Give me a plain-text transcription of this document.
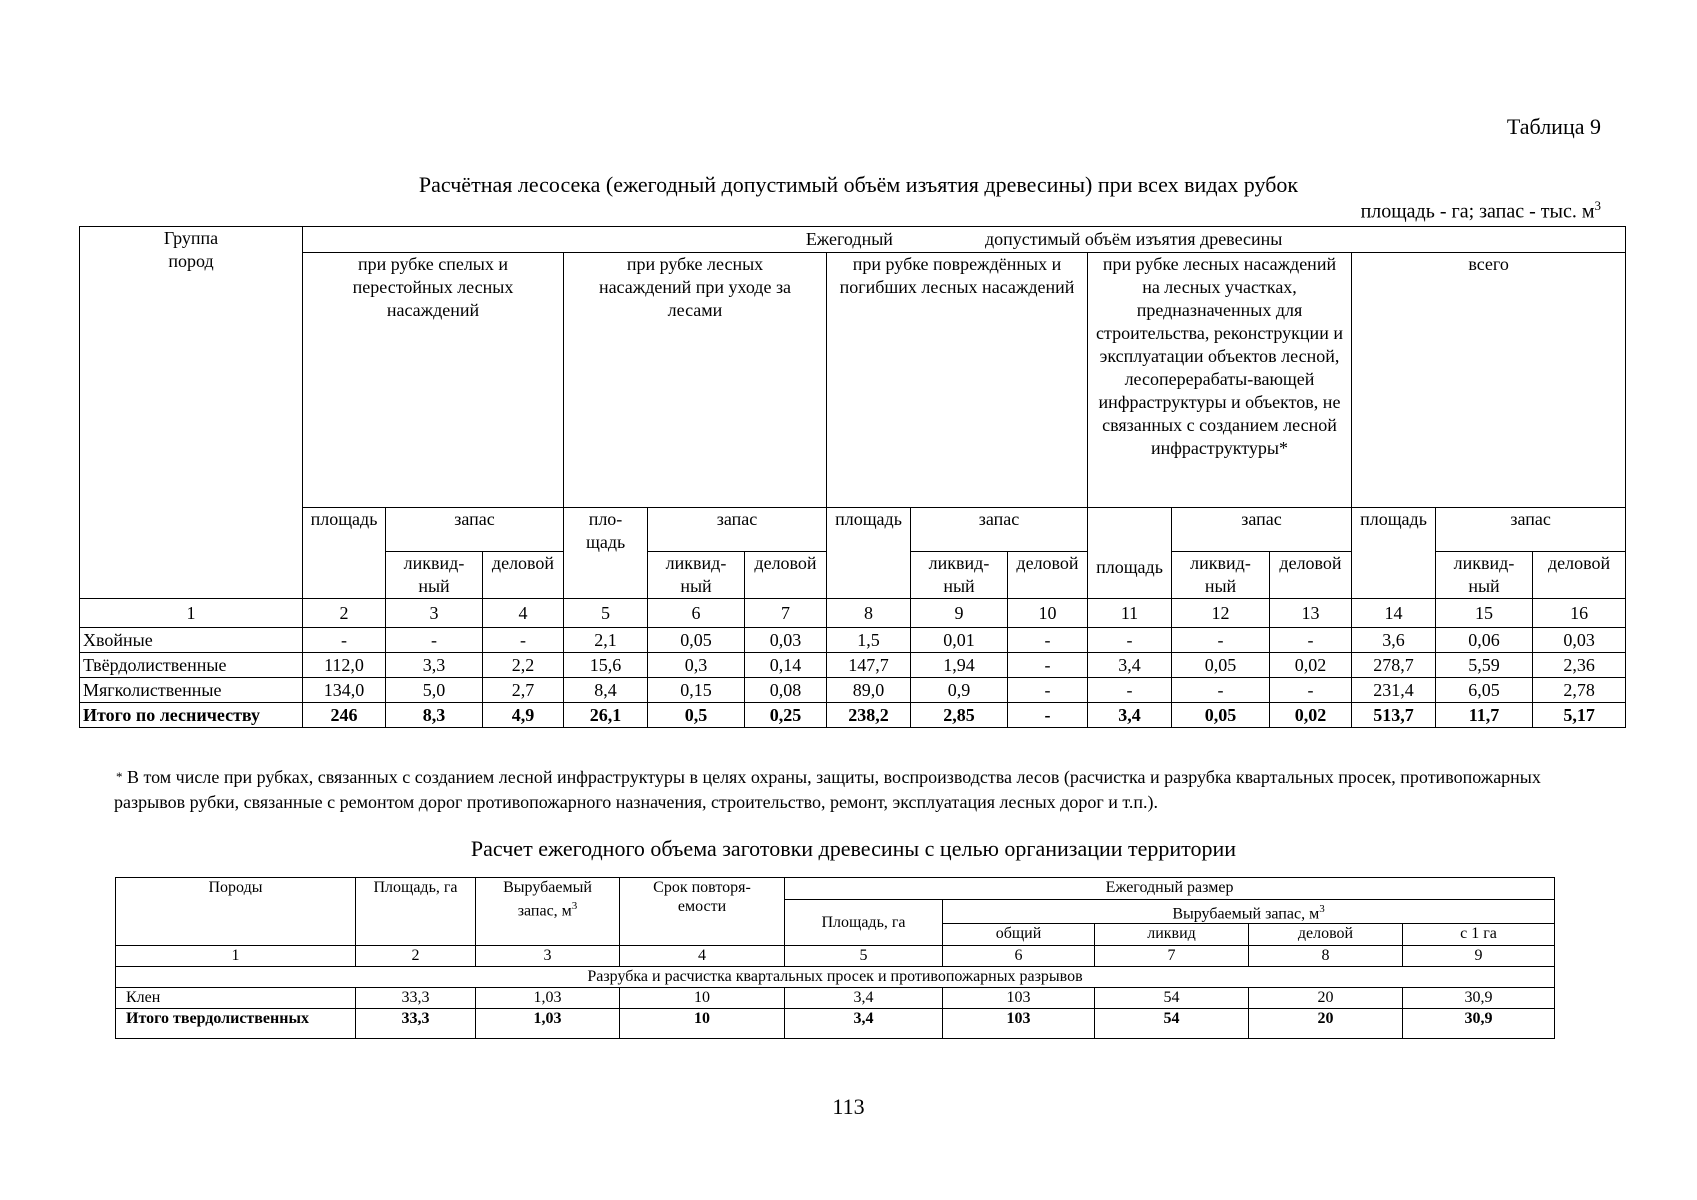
Таблица 9
Расчётная лесосека (ежегодный допустимый объём изъятия древесины) при всех видах рубок
площадь - га; запас - тыс. $м^3$
Группа пород	Ежегодный допустимый объём изъятия древесины														
	при рубке спелых и перестойных лесных насаждений			при рубке лесных насаждений при уходе за лесами			при рубке повреждённых и погибших лесных насаждений			при рубке лесных насаждений на лесных участках, предназначенных для строительства, реконструкции и эксплуатации объектов лесной, лесоперерабаты-вающей инфраструктуры и объектов, не связанных с созданием лесной инфраструктуры*			всего		
	площадь	запас		пло-щадь	запас		площадь	запас		площадь	запас		площадь	запас	
		ликвид-ный	деловой		ликвид-ный	деловой		ликвид-ный	деловой		ликвид-ный	деловой		ликвид-ный	деловой
1	2	3	4	5	6	7	8	9	10	11	12	13	14	15	16
Хвойные	-	-	-	2,1	0,05	0,03	1,5	0,01	-	-	-	-	3,6	0,06	0,03
Твёрдолиственные	112,0	3,3	2,2	15,6	0,3	0,14	147,7	1,94	-	3,4	0,05	0,02	278,7	5,59	2,36
Мягколиственные	134,0	5,0	2,7	8,4	0,15	0,08	89,0	0,9	-	-	-	-	231,4	6,05	2,78
Итого по лесничеству	246	8,3	4,9	26,1	0,5	0,25	238,2	2,85	-	3,4	0,05	0,02	513,7	11,7	5,17
* В том числе при рубках, связанных с созданием лесной инфраструктуры в целях охраны, защиты, воспроизводства лесов (расчистка и разрубка квартальных просек, противопожарных разрывов рубки, связанные с ремонтом дорог противопожарного назначения, строительство, ремонт, эксплуатация лесных дорог и т.п.).
Расчет ежегодного объема заготовки древесины с целью организации территории
Породы	Площадь, га	Вырубаемый запас, $м^3$	Срок повторя-емости	Ежегодный размер				
				Площадь, га	Вырубаемый запас, $м^3$
					общий	ликвид	деловой	с 1 га
1	2	3	4	5	6	7	8	9
Разрубка и расчистка квартальных просек и противопожарных разрывов								
Клен	33,3	1,03	10	3,4	103	54	20	30,9
Итого твердолиственных	33,3	1,03	10	3,4	103	54	20	30,9
113
